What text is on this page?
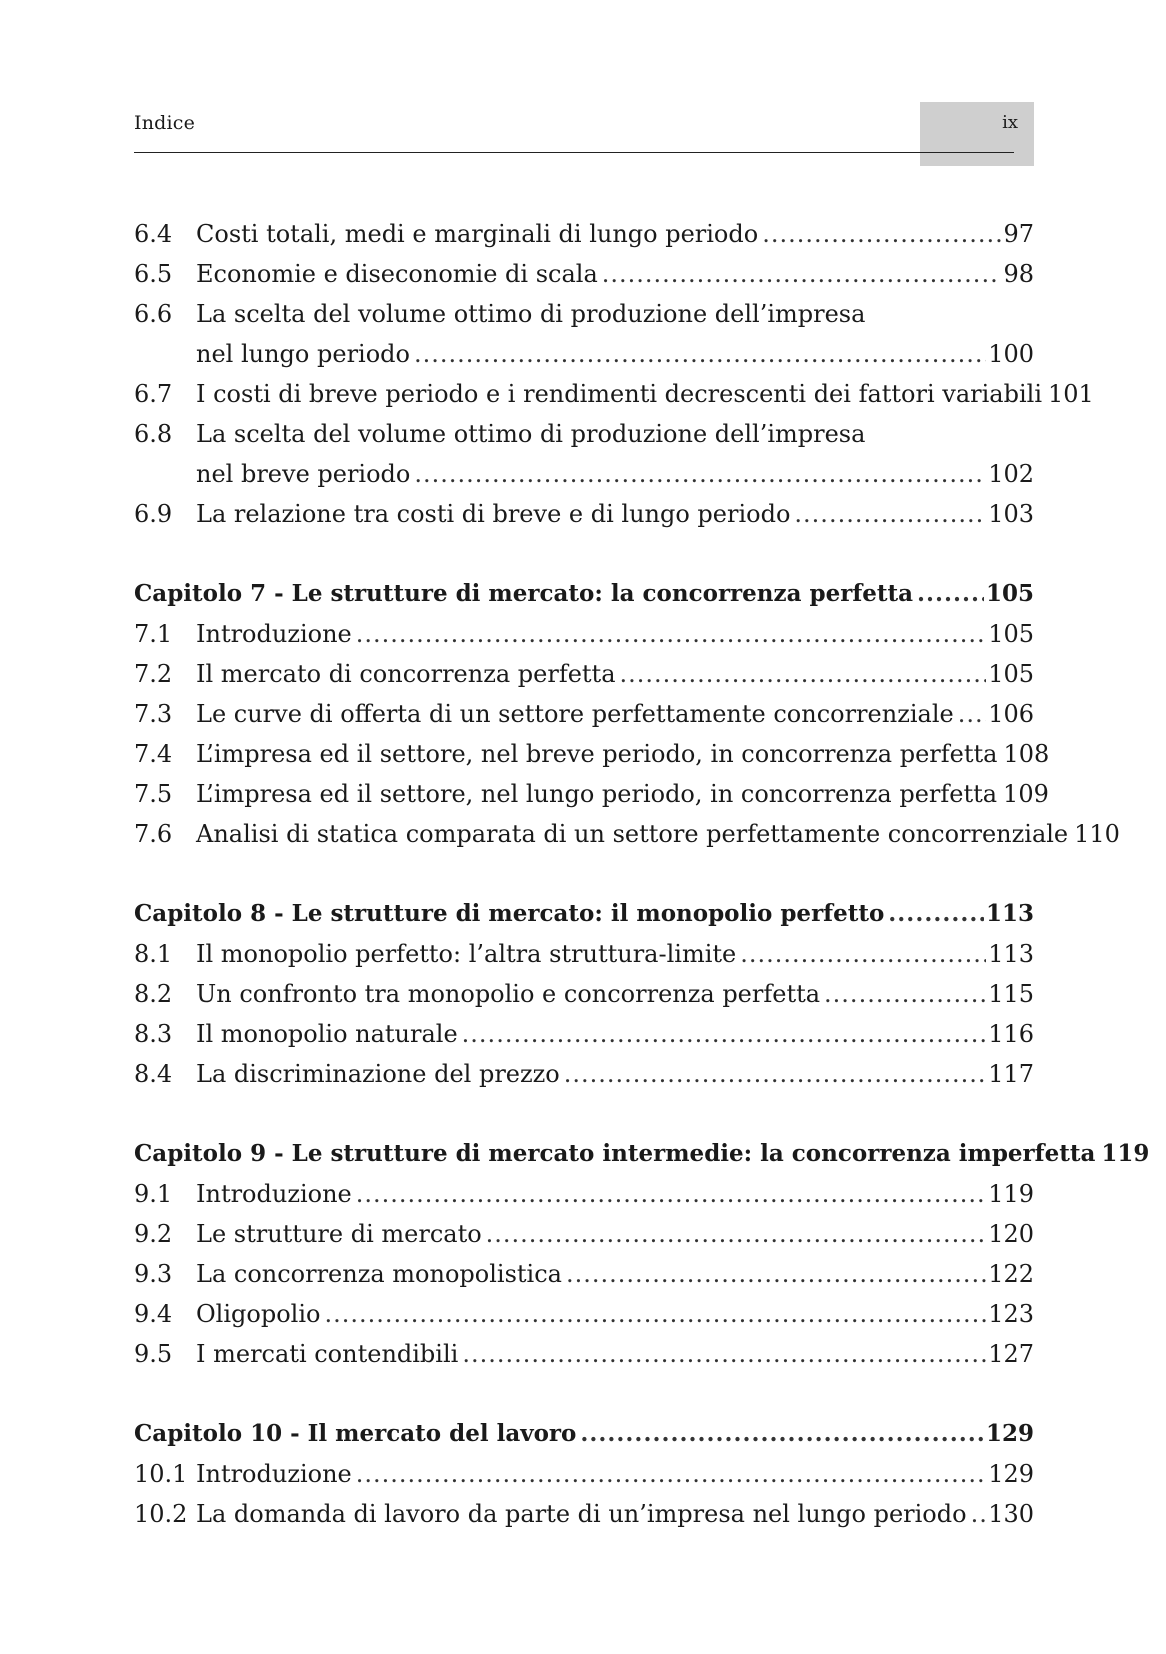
Indice	ix
6.4 Costi totali, medi e marginali di lungo periodo .....	97
6.5 Economie e diseconomie di scala .....	98
6.6 La scelta del volume ottimo di produzione dell’impresa
nel lungo periodo .....	100
6.7 I costi di breve periodo e i rendimenti decrescenti dei fattori variabili 101
6.8 La scelta del volume ottimo di produzione dell’impresa
nel breve periodo .....	102
6.9 La relazione tra costi di breve e di lungo periodo .....	103
Capitolo 7 - Le strutture di mercato: la concorrenza perfetta .....	105
7.1 Introduzione .....	105
7.2 Il mercato di concorrenza perfetta .....	105
7.3 Le curve di offerta di un settore perfettamente concorrenziale ..... 106
7.4 L’impresa ed il settore, nel breve periodo, in concorrenza perfetta 108
7.5 L’impresa ed il settore, nel lungo periodo, in concorrenza perfetta 109
7.6 Analisi di statica comparata di un settore perfettamente concorrenziale 110
Capitolo 8 - Le strutture di mercato: il monopolio perfetto .....	113
8.1 Il monopolio perfetto: l’altra struttura-limite .....	113
8.2 Un confronto tra monopolio e concorrenza perfetta .....	115
8.3 Il monopolio naturale .....	116
8.4 La discriminazione del prezzo .....	117
Capitolo 9 - Le strutture di mercato intermedie: la concorrenza imperfetta 119
9.1 Introduzione .....	119
9.2 Le strutture di mercato .....	120
9.3 La concorrenza monopolistica .....	122
9.4 Oligopolio .....	123
9.5 I mercati contendibili .....	127
Capitolo 10 - Il mercato del lavoro .....	129
10.1 Introduzione .....	129
10.2 La domanda di lavoro da parte di un’impresa nel lungo periodo ..... 130
